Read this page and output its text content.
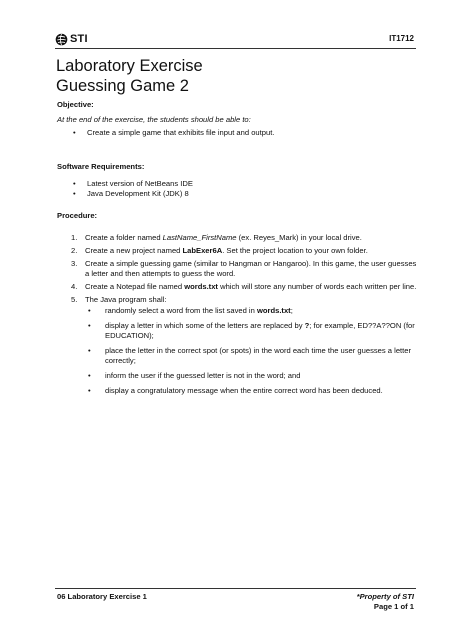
STI	IT1712
Laboratory Exercise
Guessing Game 2

Objective:

At the end of the exercise, the students should be able to:

• Create a simple game that exhibits file input and output.

Software Requirements:

• Latest version of NetBeans IDE
• Java Development Kit (JDK) 8

Procedure:

1. Create a folder named LastName_FirstName (ex. Reyes_Mark) in your local drive.
2. Create a new project named LabExer6A. Set the project location to your own folder.
3. Create a simple guessing game (similar to Hangman or Hangaroo). In this game, the user guesses a letter and then attempts to guess the word.
4. Create a Notepad file named words.txt which will store any number of words each written per line.
5. The Java program shall:
• randomly select a word from the list saved in words.txt;
• display a letter in which some of the letters are replaced by ?; for example, ED??A??ON (for EDUCATION);
• place the letter in the correct spot (or spots) in the word each time the user guesses a letter correctly;
• inform the user if the guessed letter is not in the word; and
• display a congratulatory message when the entire correct word has been deduced.
06 Laboratory Exercise 1	*Property of STI
Page 1 of 1
